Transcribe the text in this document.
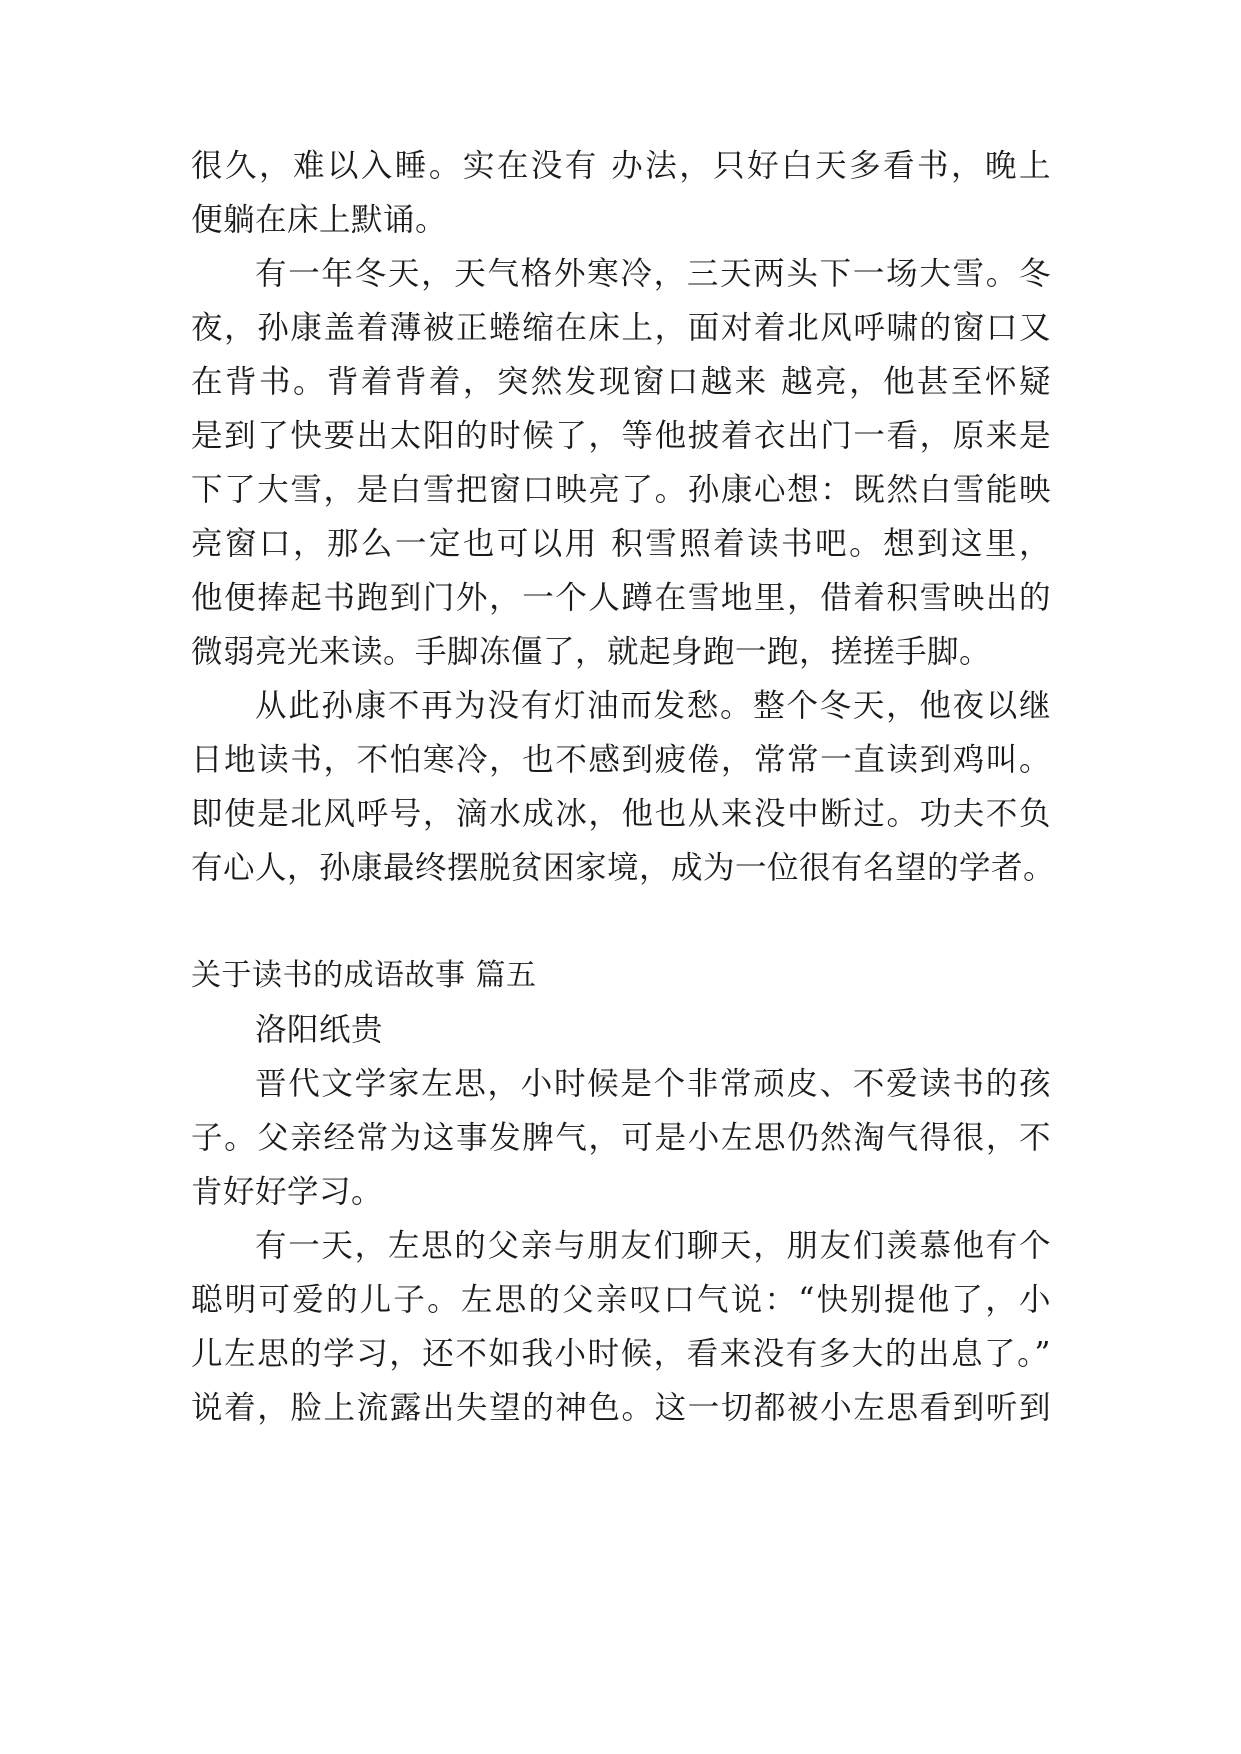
很久，难以入睡。实在没有 办法，只好白天多看书，晚上
便躺在床上默诵。
有一年冬天，天气格外寒冷，三天两头下一场大雪。冬
夜，孙康盖着薄被正蜷缩在床上，面对着北风呼啸的窗口又
在背书。背着背着，突然发现窗口越来 越亮，他甚至怀疑
是到了快要出太阳的时候了，等他披着衣出门一看，原来是
下了大雪，是白雪把窗口映亮了。孙康心想：既然白雪能映
亮窗口，那么一定也可以用 积雪照着读书吧。想到这里，
他便捧起书跑到门外，一个人蹲在雪地里，借着积雪映出的
微弱亮光来读。手脚冻僵了，就起身跑一跑，搓搓手脚。
从此孙康不再为没有灯油而发愁。整个冬天，他夜以继
日地读书，不怕寒冷，也不感到疲倦，常常一直读到鸡叫。
即使是北风呼号，滴水成冰，他也从来没中断过。功夫不负
有心人，孙康最终摆脱贫困家境，成为一位很有名望的学者。
关于读书的成语故事 篇五
洛阳纸贵
晋代文学家左思，小时候是个非常顽皮、不爱读书的孩
子。父亲经常为这事发脾气，可是小左思仍然淘气得很，不
肯好好学习。
有一天，左思的父亲与朋友们聊天，朋友们羡慕他有个
聪明可爱的儿子。左思的父亲叹口气说：“快别提他了，小
儿左思的学习，还不如我小时候，看来没有多大的出息了。”
说着，脸上流露出失望的神色。这一切都被小左思看到听到
